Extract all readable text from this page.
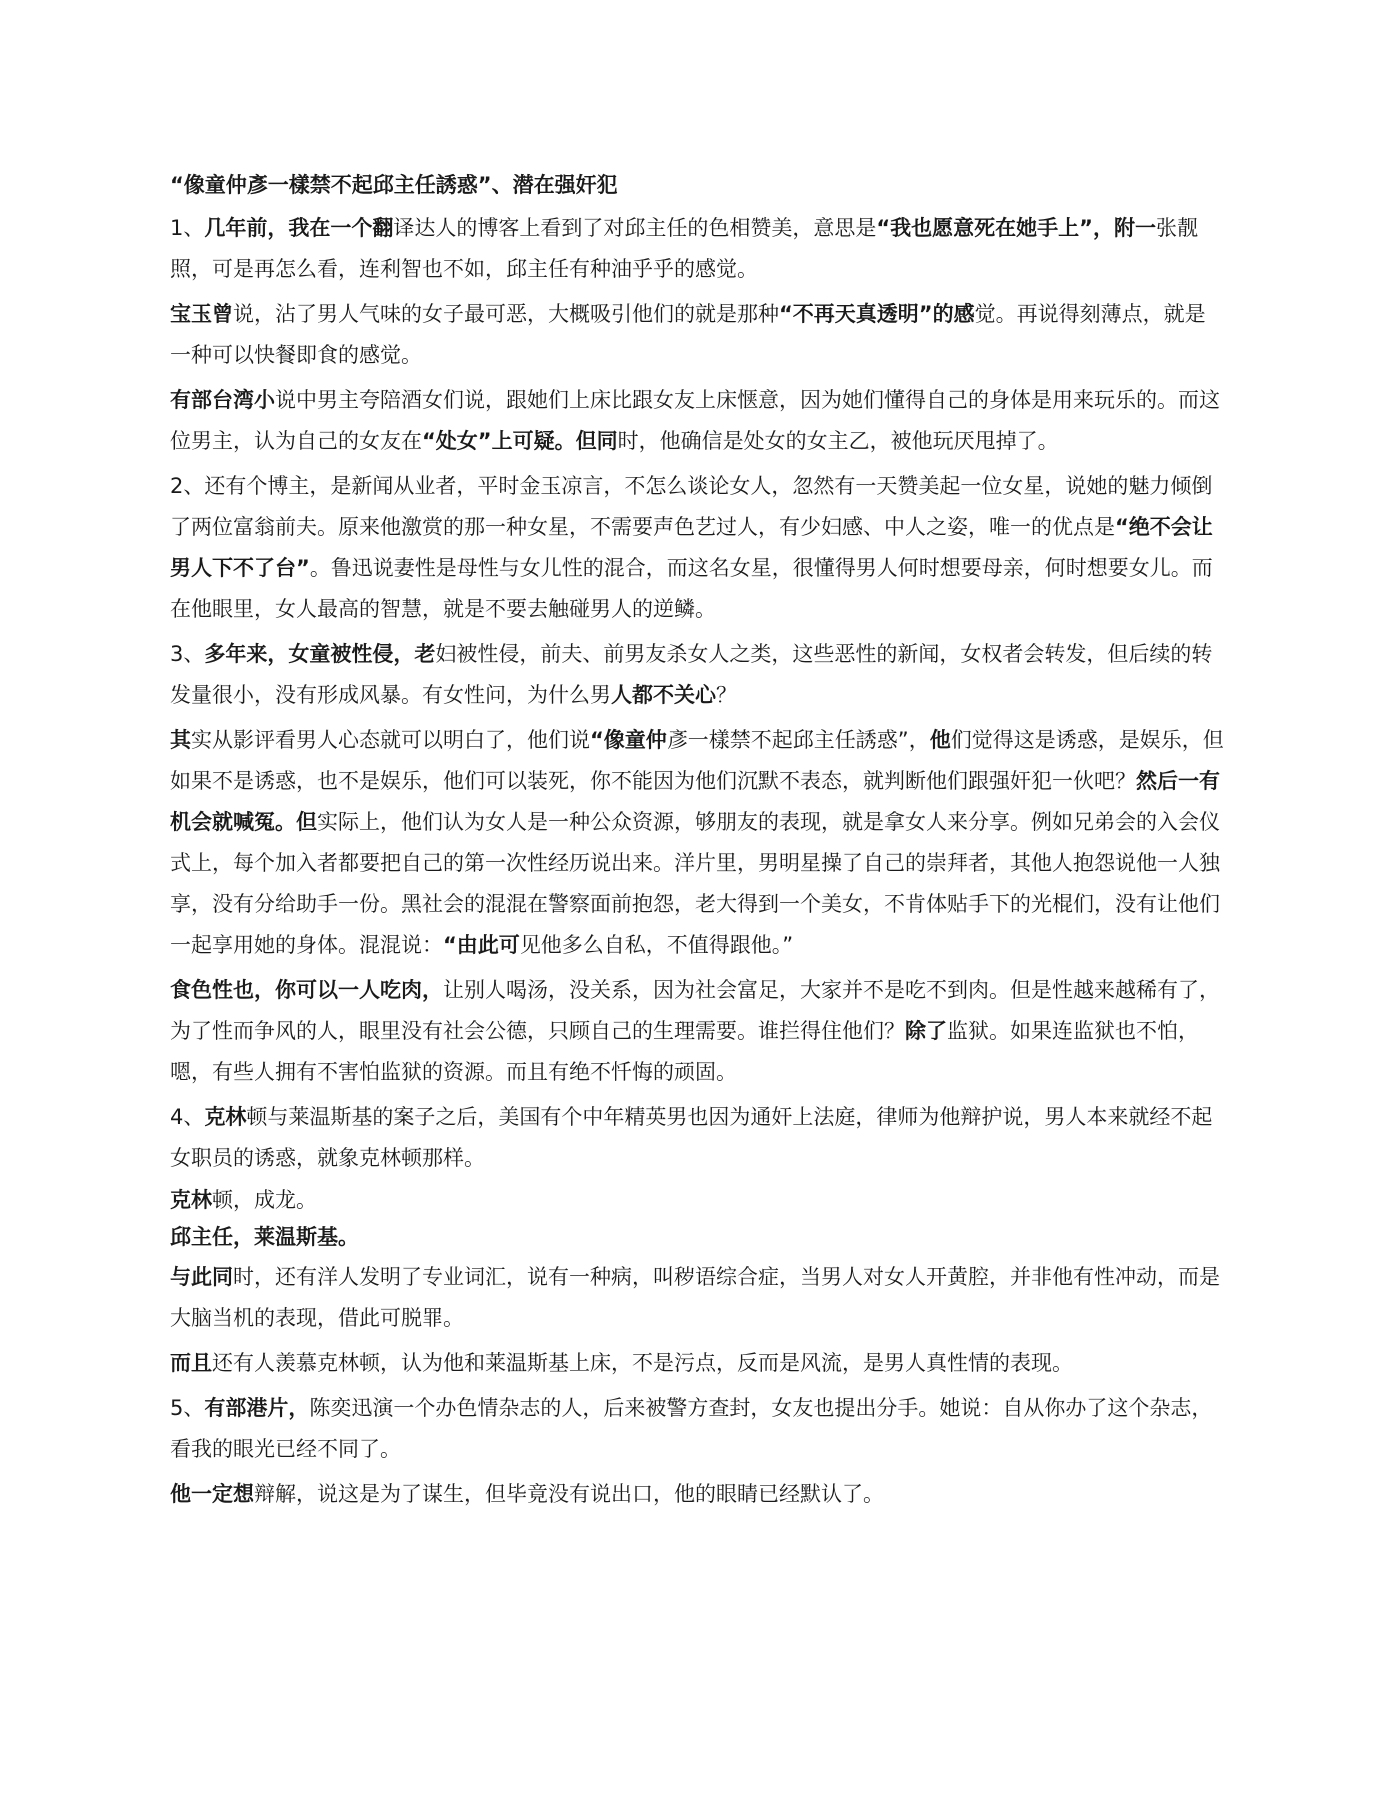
“像童仲彥一樣禁不起邱主任誘惑”、潜在强奸犯

1、几年前，我在一个翻译达人的博客上看到了对邱主任的色相赞美，意思是“我也愿意死在她手上”，附一张靓照，可是再怎么看，连利智也不如，邱主任有种油乎乎的感觉。

宝玉曾说，沾了男人气味的女子最可恶，大概吸引他们的就是那种“不再天真透明”的感觉。再说得刻薄点，就是一种可以快餐即食的感觉。

有部台湾小说中男主夸陪酒女们说，跟她们上床比跟女友上床惬意，因为她们懂得自己的身体是用来玩乐的。而这位男主，认为自己的女友在“处女”上可疑。但同时，他确信是处女的女主乙，被他玩厌甩掉了。

2、还有个博主，是新闻从业者，平时金玉凉言，不怎么谈论女人，忽然有一天赞美起一位女星，说她的魅力倾倒了两位富翁前夫。原来他激赏的那一种女星，不需要声色艺过人，有少妇感、中人之姿，唯一的优点是“绝不会让男人下不了台”。鲁迅说妻性是母性与女儿性的混合，而这名女星，很懂得男人何时想要母亲，何时想要女儿。而在他眼里，女人最高的智慧，就是不要去触碰男人的逆鳞。

3、多年来，女童被性侵，老妇被性侵，前夫、前男友杀女人之类，这些恶性的新闻，女权者会转发，但后续的转发量很小，没有形成风暴。有女性问，为什么男人都不关心？

其实从影评看男人心态就可以明白了，他们说“像童仲彥一樣禁不起邱主任誘惑”，他们觉得这是诱惑，是娱乐，但如果不是诱惑，也不是娱乐，他们可以装死，你不能因为他们沉默不表态，就判断他们跟强奸犯一伙吧？然后一有机会就喊冤。但实际上，他们认为女人是一种公众资源，够朋友的表现，就是拿女人来分享。例如兄弟会的入会仪式上，每个加入者都要把自己的第一次性经历说出来。洋片里，男明星操了自己的崇拜者，其他人抱怨说他一人独享，没有分给助手一份。黑社会的混混在警察面前抱怨，老大得到一个美女，不肯体贴手下的光棍们，没有让他们一起享用她的身体。混混说：“由此可见他多么自私，不值得跟他。”

食色性也，你可以一人吃肉，让别人喝汤，没关系，因为社会富足，大家并不是吃不到肉。但是性越来越稀有了，为了性而争风的人，眼里没有社会公德，只顾自己的生理需要。谁拦得住他们？除了监狱。如果连监狱也不怕，嗯，有些人拥有不害怕监狱的资源。而且有绝不忏悔的顽固。

4、克林顿与莱温斯基的案子之后，美国有个中年精英男也因为通奸上法庭，律师为他辩护说，男人本来就经不起女职员的诱惑，就象克林顿那样。

克林顿，成龙。

邱主任，莱温斯基。

与此同时，还有洋人发明了专业词汇，说有一种病，叫秽语综合症，当男人对女人开黄腔，并非他有性冲动，而是大脑当机的表现，借此可脱罪。

而且还有人羡慕克林顿，认为他和莱温斯基上床，不是污点，反而是风流，是男人真性情的表现。

5、有部港片，陈奕迅演一个办色情杂志的人，后来被警方查封，女友也提出分手。她说：自从你办了这个杂志，看我的眼光已经不同了。

他一定想辩解，说这是为了谋生，但毕竟没有说出口，他的眼睛已经默认了。
